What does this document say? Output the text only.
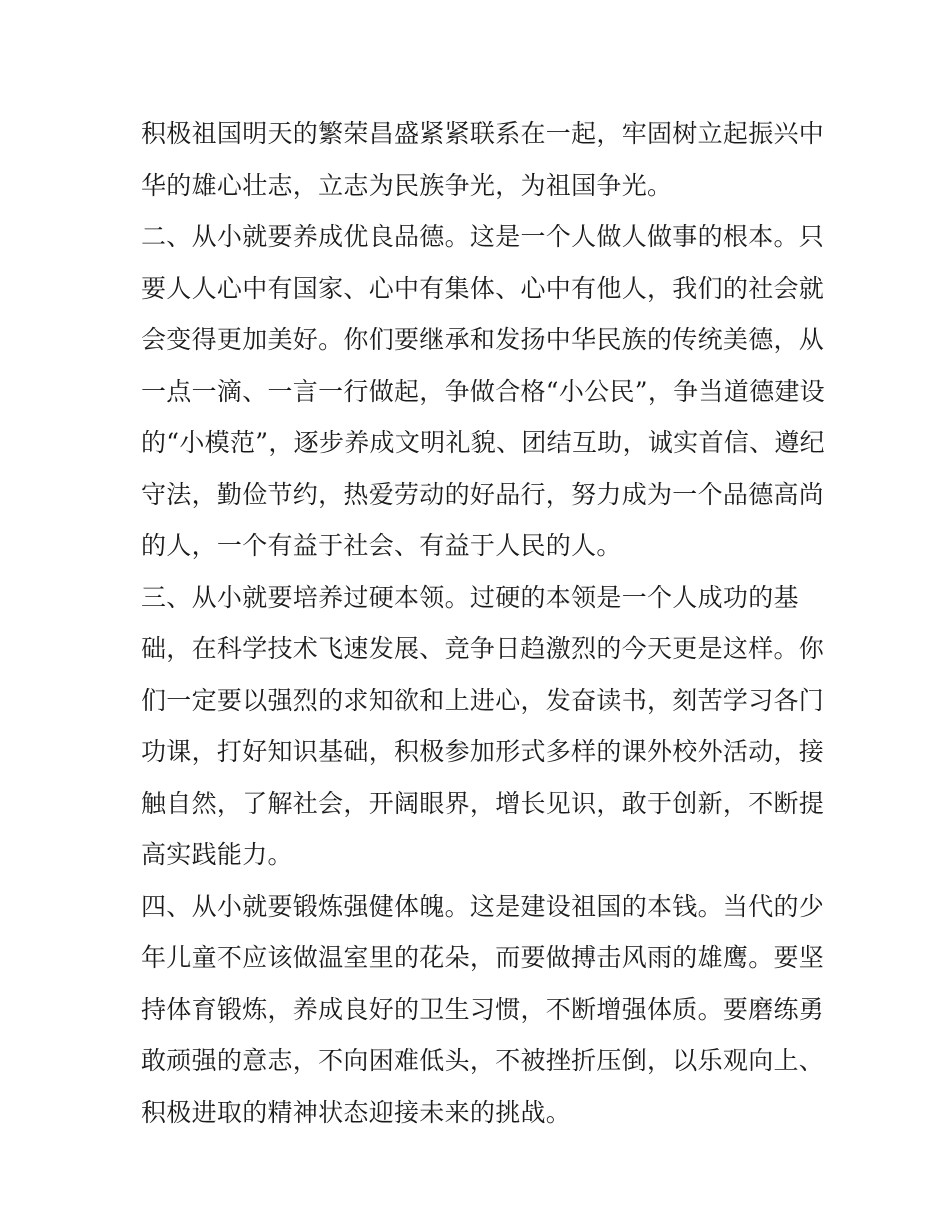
积极祖国明天的繁荣昌盛紧紧联系在一起，牢固树立起振兴中
华的雄心壮志，立志为民族争光，为祖国争光。
二、从小就要养成优良品德。这是一个人做人做事的根本。只
要人人心中有国家、心中有集体、心中有他人，我们的社会就
会变得更加美好。你们要继承和发扬中华民族的传统美德，从
一点一滴、一言一行做起，争做合格“小公民”，争当道德建设
的“小模范”，逐步养成文明礼貌、团结互助，诚实首信、遵纪
守法，勤俭节约，热爱劳动的好品行，努力成为一个品德高尚
的人，一个有益于社会、有益于人民的人。
三、从小就要培养过硬本领。过硬的本领是一个人成功的基
础，在科学技术飞速发展、竞争日趋激烈的今天更是这样。你
们一定要以强烈的求知欲和上进心，发奋读书，刻苦学习各门
功课，打好知识基础，积极参加形式多样的课外校外活动，接
触自然，了解社会，开阔眼界，增长见识，敢于创新，不断提
高实践能力。
四、从小就要锻炼强健体魄。这是建设祖国的本钱。当代的少
年儿童不应该做温室里的花朵，而要做搏击风雨的雄鹰。要坚
持体育锻炼，养成良好的卫生习惯，不断增强体质。要磨练勇
敢顽强的意志，不向困难低头，不被挫折压倒，以乐观向上、
积极进取的精神状态迎接未来的挑战。
